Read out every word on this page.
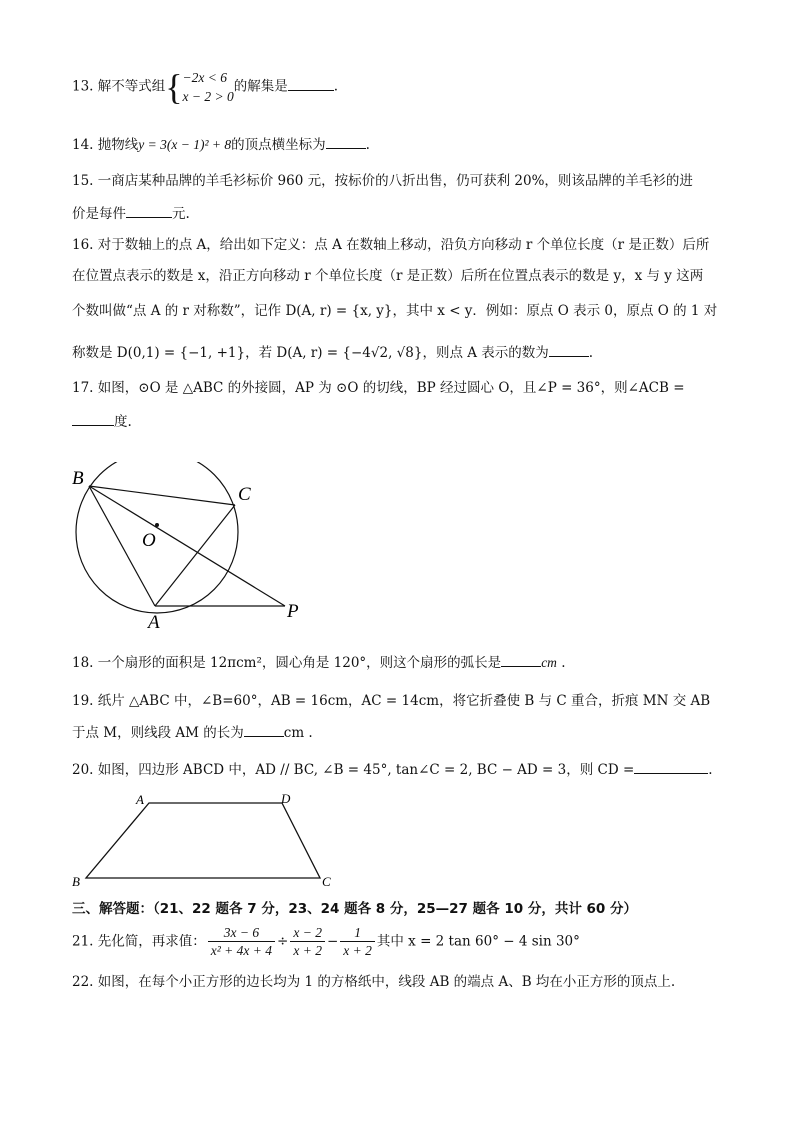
13. 解不等式组{−2x < 6
x − 2 > 0的解集是	.
14. 抛物线y = 3(x − 1)² + 8的顶点横坐标为	.
15. 一商店某种品牌的羊毛衫标价 960 元，按标价的八折出售，仍可获利 20%，则该品牌的羊毛衫的进
价是每件	元.
16. 对于数轴上的点 A，给出如下定义：点 A 在数轴上移动，沿负方向移动 r 个单位长度（r 是正数）后所
在位置点表示的数是 x，沿正方向移动 r 个单位长度（r 是正数）后所在位置点表示的数是 y，x 与 y 这两
个数叫做“点 A 的 r 对称数”，记作 D(A, r) = {x, y}，其中 x < y．例如：原点 O 表示 0，原点 O 的 1 对
称数是 D(0,1) = {−1, +1}，若 D(A, r) = {−4√2, √8}，则点 A 表示的数为	.
17. 如图，⊙O 是 △ABC 的外接圆，AP 为 ⊙O 的切线，BP 经过圆心 O，且∠P = 36°，则∠ACB =
度.
B
C
O
A
P
18. 一个扇形的面积是 12πcm²，圆心角是 120°，则这个扇形的弧长是	cm .
19. 纸片 △ABC 中，∠B=60°，AB = 16cm，AC = 14cm，将它折叠使 B 与 C 重合，折痕 MN 交 AB
于点 M，则线段 AM 的长为	cm .
20. 如图，四边形 ABCD 中，AD // BC, ∠B = 45°, tan∠C = 2, BC − AD = 3，则 CD =	.
A	D
B	C
三、解答题：（21、22 题各 7 分，23、24 题各 8 分，25—27 题各 10 分，共计 60 分）
21. 先化简，再求值： $\frac{3x - 6}{\text{x² + 4x + 4}} \div \frac{x - 2}{x + 2} - \frac{1}{x + 2}$ 其中 x = 2 tan 60° − 4 sin 30°
22. 如图，在每个小正方形的边长均为 1 的方格纸中，线段 AB 的端点 A、B 均在小正方形的顶点上.
